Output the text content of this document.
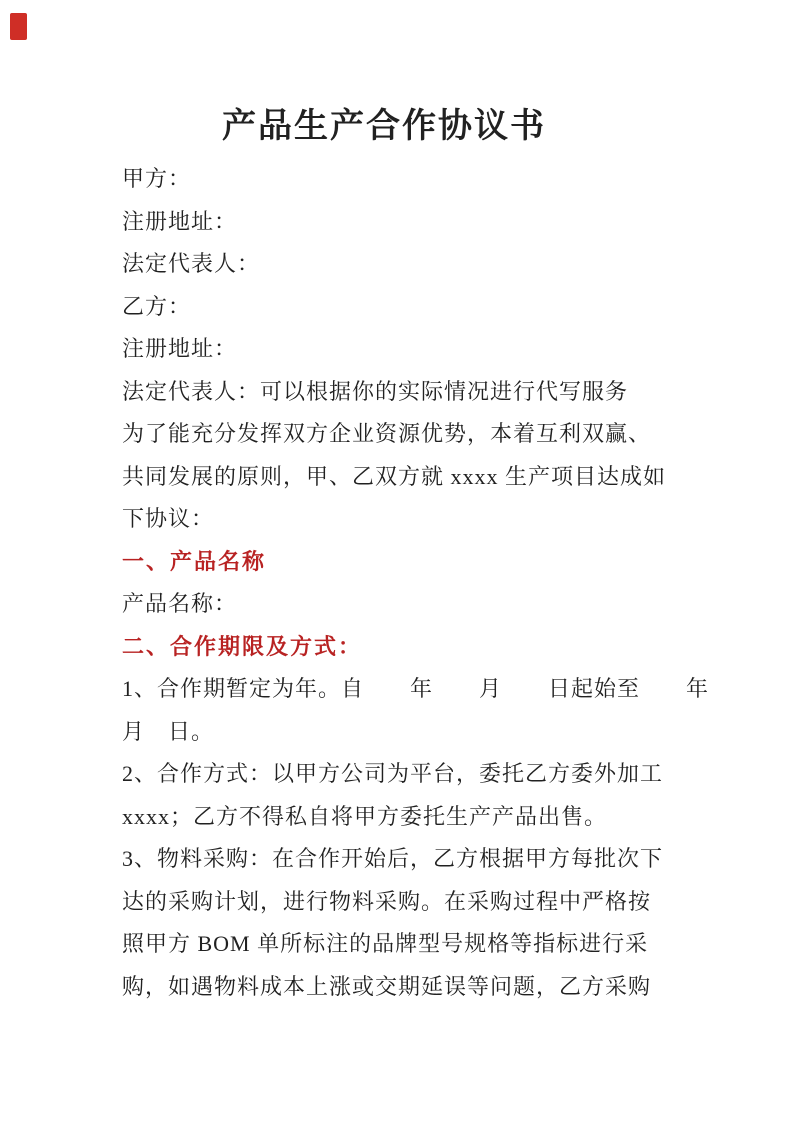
产品生产合作协议书
甲方：
注册地址：
法定代表人：
乙方：
注册地址：
法定代表人：可以根据你的实际情况进行代写服务
为了能充分发挥双方企业资源优势，本着互利双赢、
共同发展的原则，甲、乙双方就 xxxx 生产项目达成如
下协议：
一、产品名称
产品名称：
二、合作期限及方式：
1、合作期暂定为年。自　　年　　月　　日起始至　　年
月　日。
2、合作方式：以甲方公司为平台，委托乙方委外加工
xxxx；乙方不得私自将甲方委托生产产品出售。
3、物料采购：在合作开始后，乙方根据甲方每批次下
达的采购计划，进行物料采购。在采购过程中严格按
照甲方 BOM 单所标注的品牌型号规格等指标进行采
购，如遇物料成本上涨或交期延误等问题，乙方采购
